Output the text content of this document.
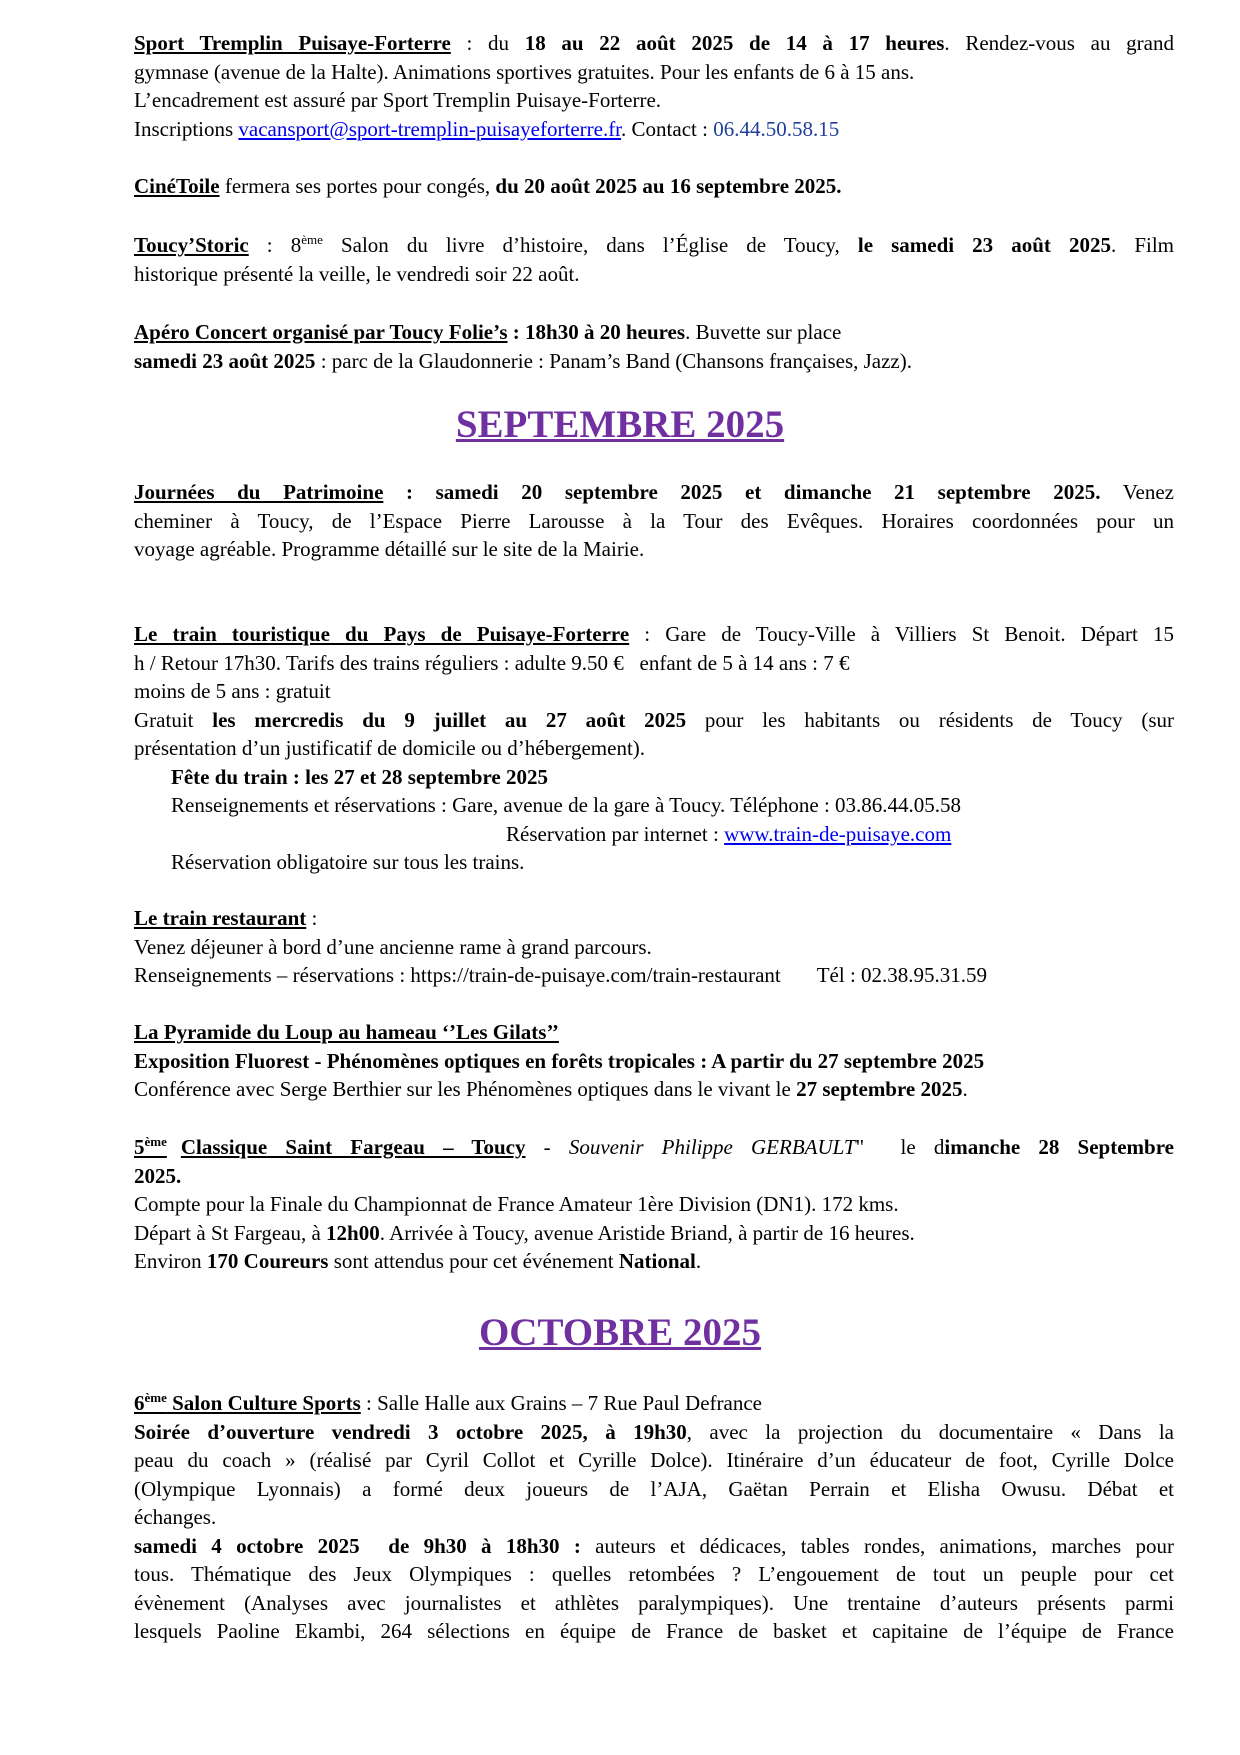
Sport Tremplin Puisaye-Forterre : du 18 au 22 août 2025 de 14 à 17 heures. Rendez-vous au grand
gymnase (avenue de la Halte). Animations sportives gratuites. Pour les enfants de 6 à 15 ans.
L’encadrement est assuré par Sport Tremplin Puisaye-Forterre.
Inscriptions vacansport@sport-tremplin-puisayeforterre.fr. Contact : 06.44.50.58.15
CinéToile fermera ses portes pour congés, du 20 août 2025 au 16 septembre 2025.
Toucy’Storic : 8ème Salon du livre d’histoire, dans l’Église de Toucy, le samedi 23 août 2025. Film
historique présenté la veille, le vendredi soir 22 août.
Apéro Concert organisé par Toucy Folie’s : 18h30 à 20 heures. Buvette sur place
samedi 23 août 2025 : parc de la Glaudonnerie : Panam’s Band (Chansons françaises, Jazz).
SEPTEMBRE 2025
Journées du Patrimoine : samedi 20 septembre 2025 et dimanche 21 septembre 2025. Venez
cheminer à Toucy, de l’Espace Pierre Larousse à la Tour des Evêques. Horaires coordonnées pour un
voyage agréable. Programme détaillé sur le site de la Mairie.
Le train touristique du Pays de Puisaye-Forterre : Gare de Toucy-Ville à Villiers St Benoit. Départ 15
h / Retour 17h30. Tarifs des trains réguliers : adulte 9.50 €   enfant de 5 à 14 ans : 7 €
moins de 5 ans : gratuit
Gratuit les mercredis du 9 juillet au 27 août 2025 pour les habitants ou résidents de Toucy (sur
présentation d’un justificatif de domicile ou d’hébergement).
Fête du train : les 27 et 28 septembre 2025
Renseignements et réservations : Gare, avenue de la gare à Toucy. Téléphone : 03.86.44.05.58
Réservation par internet : www.train-de-puisaye.com
Réservation obligatoire sur tous les trains.
Le train restaurant :
Venez déjeuner à bord d’une ancienne rame à grand parcours.
Renseignements – réservations : https://train-de-puisaye.com/train-restaurant Tél : 02.38.95.31.59
La Pyramide du Loup au hameau ‘’Les Gilats’’
Exposition Fluorest - Phénomènes optiques en forêts tropicales : A partir du 27 septembre 2025
Conférence avec Serge Berthier sur les Phénomènes optiques dans le vivant le 27 septembre 2025.
5ème Classique Saint Fargeau – Toucy - Souvenir Philippe GERBAULT"  le dimanche 28 Septembre
2025.
Compte pour la Finale du Championnat de France Amateur 1ère Division (DN1). 172 kms.
Départ à St Fargeau, à 12h00. Arrivée à Toucy, avenue Aristide Briand, à partir de 16 heures.
Environ 170 Coureurs sont attendus pour cet événement National.
OCTOBRE 2025
6ème Salon Culture Sports : Salle Halle aux Grains – 7 Rue Paul Defrance
Soirée d’ouverture vendredi 3 octobre 2025, à 19h30, avec la projection du documentaire « Dans la
peau du coach » (réalisé par Cyril Collot et Cyrille Dolce). Itinéraire d’un éducateur de foot, Cyrille Dolce
(Olympique Lyonnais) a formé deux joueurs de l’AJA, Gaëtan Perrain et Elisha Owusu. Débat et
échanges.
samedi 4 octobre 2025  de 9h30 à 18h30 : auteurs et dédicaces, tables rondes, animations, marches pour
tous. Thématique des Jeux Olympiques : quelles retombées ? L’engouement de tout un peuple pour cet
évènement (Analyses avec journalistes et athlètes paralympiques). Une trentaine d’auteurs présents parmi
lesquels Paoline Ekambi, 264 sélections en équipe de France de basket et capitaine de l’équipe de France
